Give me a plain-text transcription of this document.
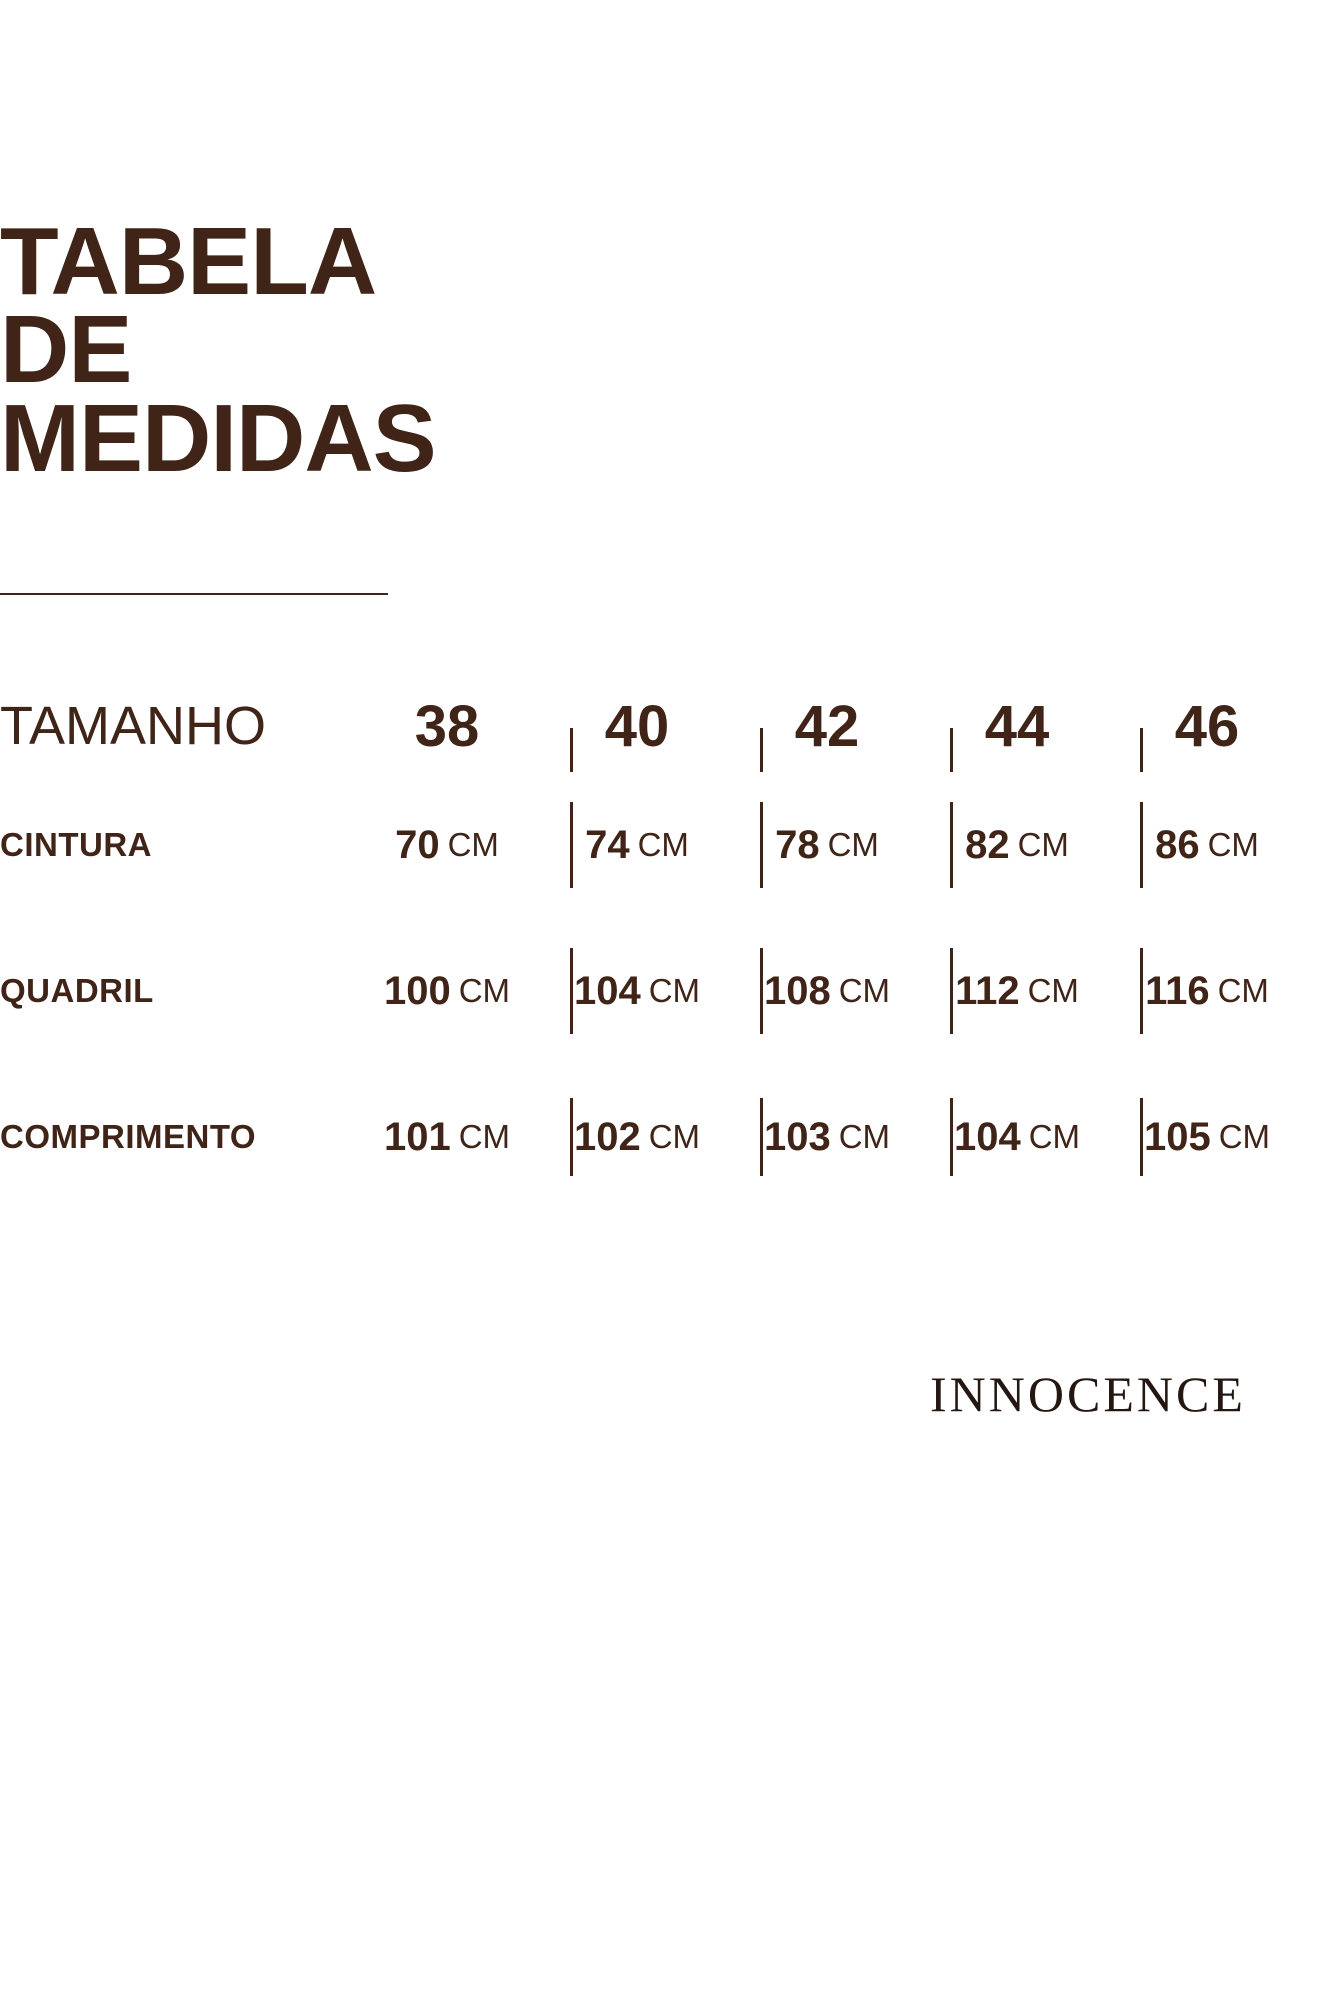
TABELA
DE
MEDIDAS
TAMANHO	38 40 42 44 46
CINTURA	70 CM 74 CM 78 CM 82 CM 86 CM
QUADRIL	100 CM 104 CM 108 CM 112 CM 116 CM
COMPRIMENTO	101 CM 102 CM 103 CM 104 CM 105 CM
INNOCENCE
